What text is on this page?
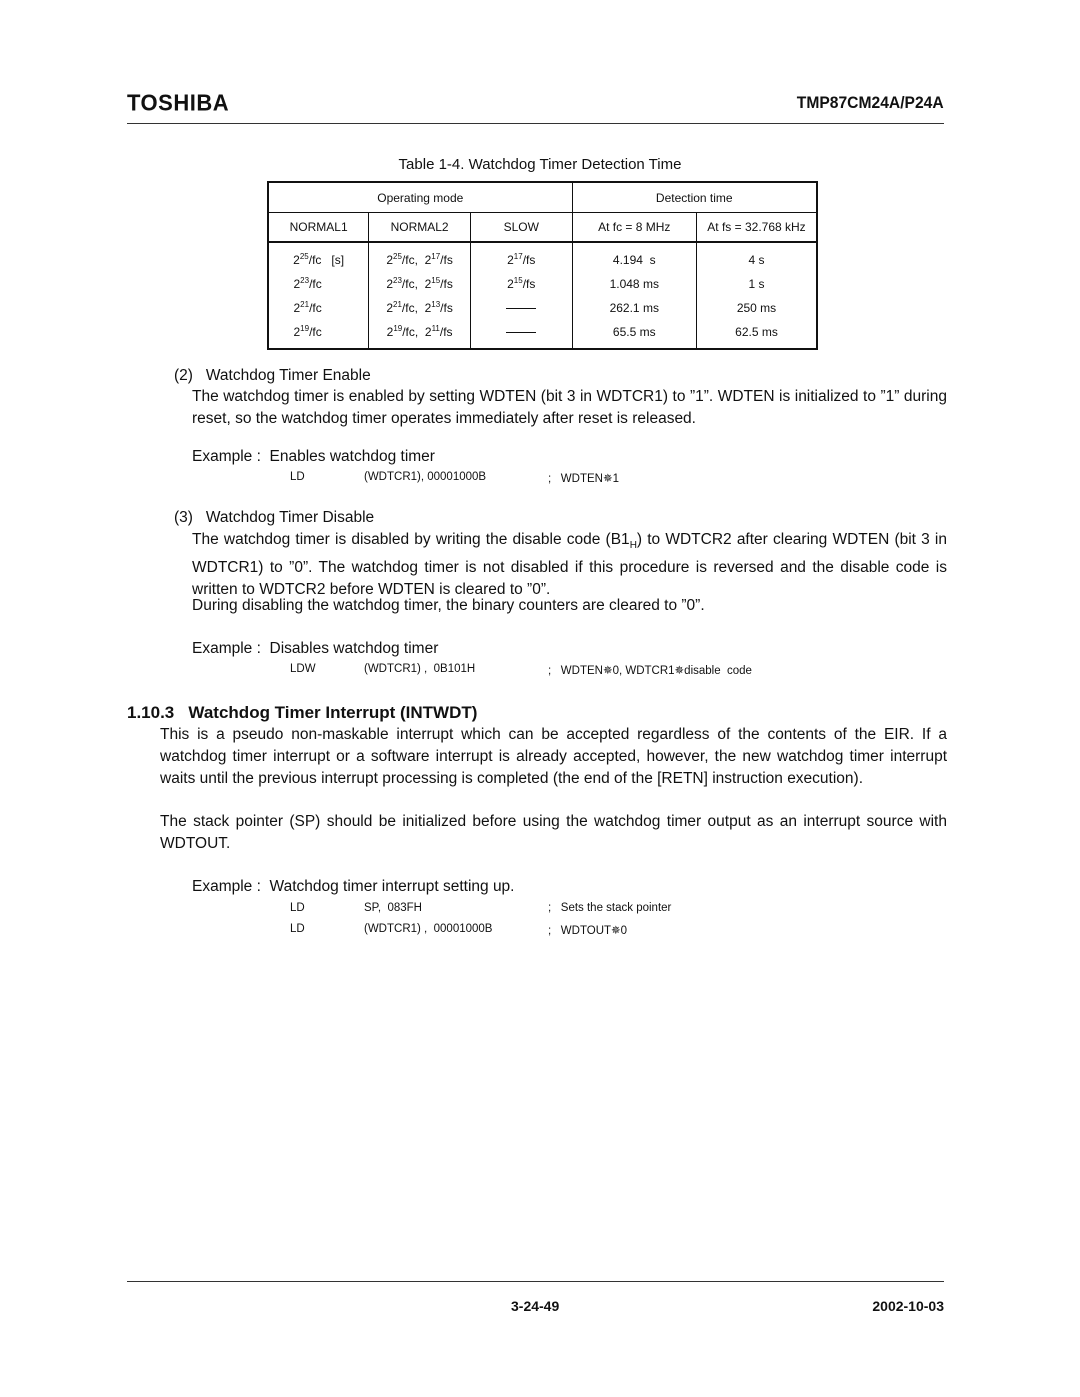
TOSHIBA	TMP87CM24A/P24A
Table 1-4. Watchdog Timer Detection Time
Operating mode			Detection time	
NORMAL1	NORMAL2	SLOW	At fc = 8 MHz	At fs = 32.768 kHz
$2^{25}/fc$   [s]	$2^{25}/fc$,  $2^{17}/fs$	$2^{17}/fs$	4.194  s	4 s
$2^{23}/fc$	$2^{23}/fc$,  $2^{15}/fs$	$2^{15}/fs$	1.048 ms	1 s
$2^{21}/fc$	$2^{21}/fc$,  $2^{13}/fs$		262.1 ms	250 ms
$2^{19}/fc$	$2^{19}/fc$,  $2^{11}/fs$		65.5 ms	62.5 ms
(2)   Watchdog Timer Enable
The watchdog timer is enabled by setting WDTEN (bit 3 in WDTCR1) to ”1”. WDTEN is initialized to ”1” during reset, so the watchdog timer operates immediately after reset is released.
Example :  Enables watchdog timer
LD	(WDTCR1), 00001000B	;   WDTEN✵1
(3)   Watchdog Timer Disable
The watchdog timer is disabled by writing the disable code $(B1_H)$ to WDTCR2 after clearing WDTEN (bit 3 in WDTCR1) to ”0”. The watchdog timer is not disabled if this procedure is reversed and the disable code is written to WDTCR2 before WDTEN is cleared to ”0”.
During disabling the watchdog timer, the binary counters are cleared to ”0”.
Example :  Disables watchdog timer
LDW	(WDTCR1) ,  0B101H	;   WDTEN✵0, WDTCR1✵disable  code
1.10.3   Watchdog Timer Interrupt (INTWDT)
This is a pseudo non-maskable interrupt which can be accepted regardless of the contents of the EIR. If a watchdog timer interrupt or a software interrupt is already accepted, however, the new watchdog timer interrupt waits until the previous interrupt processing is completed (the end of the [RETN] instruction execution).
The stack pointer (SP) should be initialized before using the watchdog timer output as an interrupt source with WDTOUT.
Example :  Watchdog timer interrupt setting up.
LD	SP,  083FH	;   Sets the stack pointer
LD	(WDTCR1) ,  00001000B	;   WDTOUT✵0
3-24-49	2002-10-03
